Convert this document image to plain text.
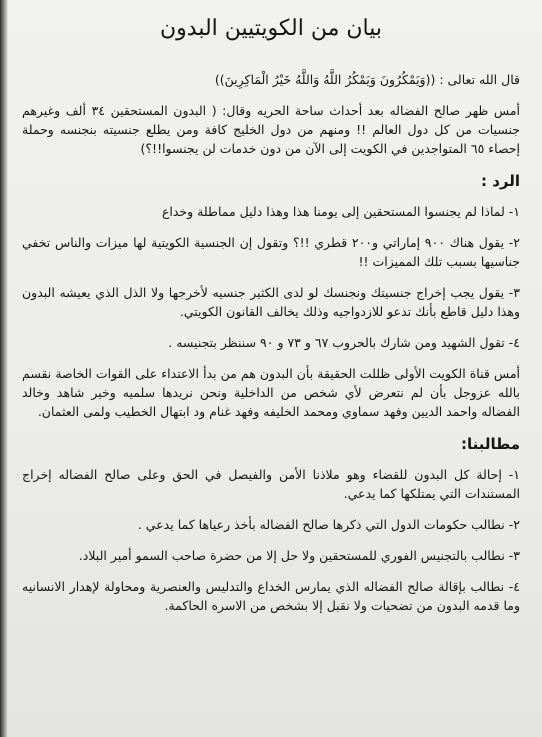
بيان من الكويتيين البدون

قال الله تعالى : ((وَيَمْكُرُونَ وَيَمْكُرُ اللَّهُ وَاللَّهُ خَيْرُ الْمَاكِرِينَ))

أمس ظهر صالح الفضاله بعد أحداث ساحة الحريه وقال: ( البدون المستحقين ٣٤ ألف وغيرهم جنسيات من كل دول العالم !! ومنهم من دول الخليج كافة ومن يطلع جنسيته بنجنسه وحملة إحصاء ٦٥ المتواجدين في الكويت إلى الآن من دون خدمات لن يجنسوا!!؟)

الرد :

١- لماذا لم يجنسوا المستحقين إلى يومنا هذا وهذا دليل مماطلة وخداع

٢- يقول هناك ٩٠٠ إماراتي و٢٠٠ قطري !!؟ وتقول إن الجنسية الكويتية لها ميزات والناس تخفي جناسيها بسبب تلك المميزات !!

٣- يقول يجب إخراج جنسيتك ونجنسك لو لدى الكثير جنسيه لأخرجها ولا الذل الذي يعيشه البدون وهذا دليل قاطع بأنك تدعو للازدواجيه وذلك يخالف القانون الكويتي.

٤- تقول الشهيد ومن شارك بالحروب ٦٧ و ٧٣ و ٩٠ سننظر بتجنيسه .

أمس قناة الكويت الأولى ظللت الحقيقة بأن البدون هم من بدأ الاعتداء على القوات الخاصة نقسم بالله عزوجل بأن لم نتعرض لأي شخص من الداخلية ونحن نريدها سلميه وخير شاهد وخالد الفضاله واحمد الديين وفهد سماوي ومحمد الخليفه وفهد غنام ود ابتهال الخطيب ولمى العثمان.

مطالبنا:

١- إحالة كل البدون للقضاء وهو ملاذنا الأمن والفيصل في الحق وعلى صالح الفضاله إخراج المستندات التي يمتلكها كما يدعي.

٢- نطالب حكومات الدول التي ذكرها صالح الفضاله بأخذ رعياها كما يدعي .

٣- نطالب بالتجنيس الفوري للمستحقين ولا حل إلا من حضرة صاحب السمو أمير البلاد.

٤- نطالب بإقالة صالح الفضاله الذي يمارس الخداع والتدليس والعنصرية ومحاولة لإهدار الانسانيه وما قدمه البدون من تضحيات ولا نقبل إلا بشخص من الاسره الحاكمة.
